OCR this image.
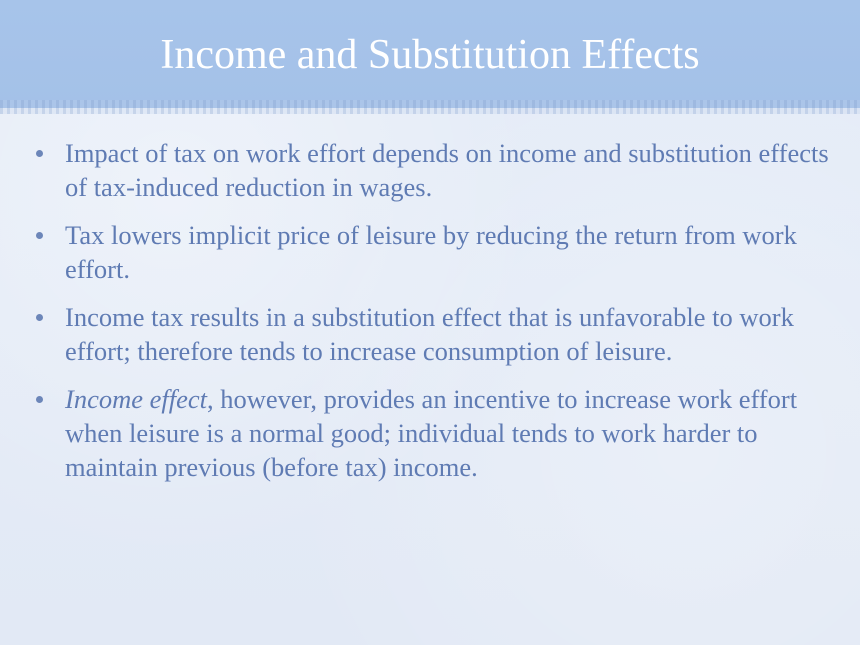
Income and Substitution Effects
Impact of tax on work effort depends on income and substitution effects of tax-induced reduction in wages.
Tax lowers implicit price of leisure by reducing the return from work effort.
Income tax results in a substitution effect that is unfavorable to work effort; therefore tends to increase consumption of leisure.
Income effect, however, provides an incentive to increase work effort when leisure is a normal good; individual tends to work harder to maintain previous (before tax) income.
